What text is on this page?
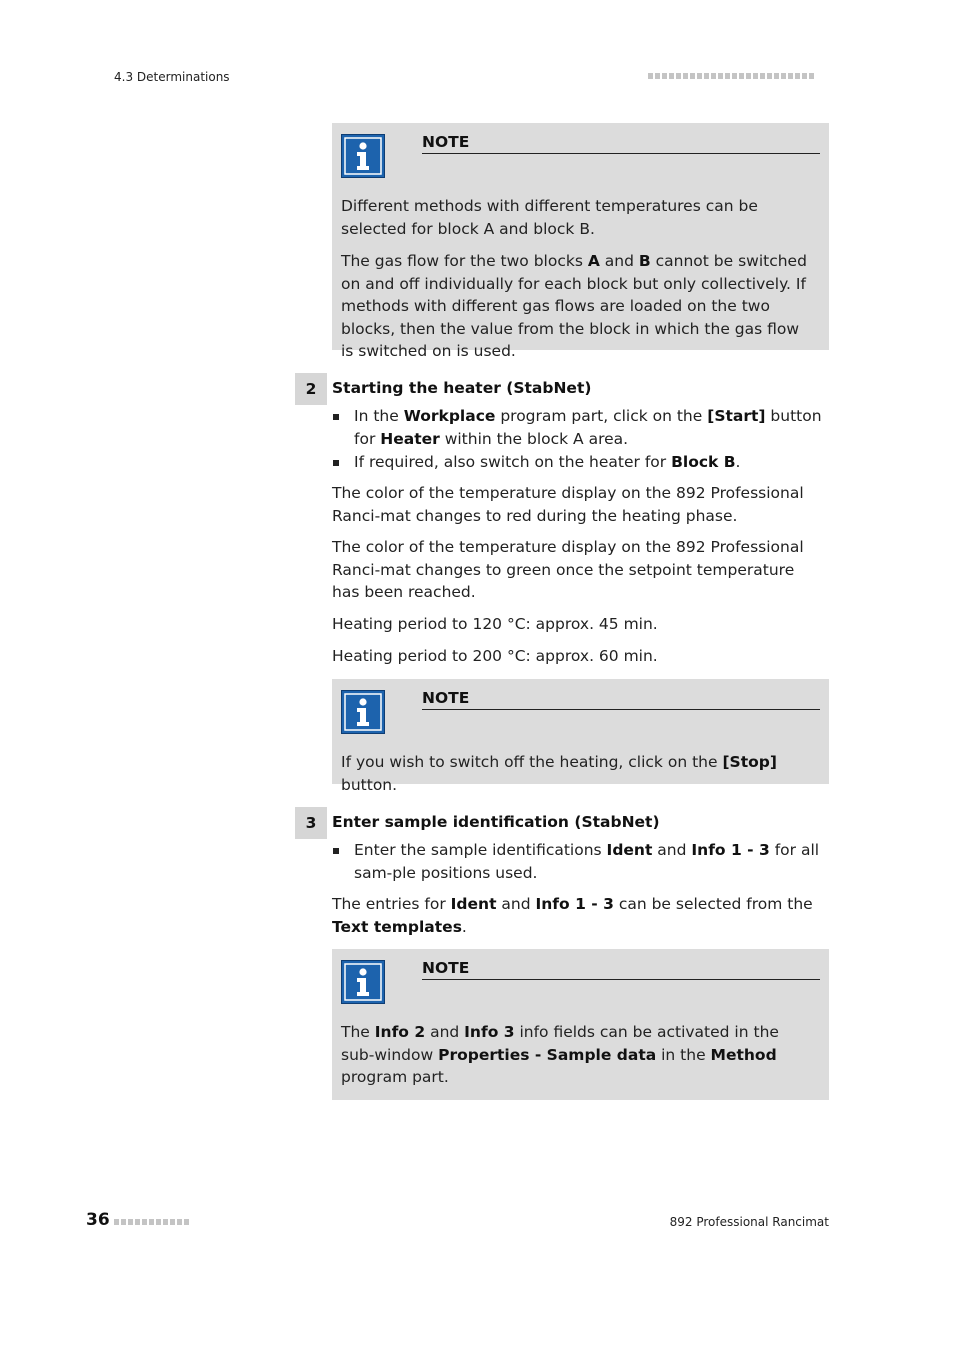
4.3 Determinations
NOTE

Different methods with different temperatures can be selected for block A and block B.

The gas flow for the two blocks A and B cannot be switched on and off individually for each block but only collectively. If methods with different gas flows are loaded on the two blocks, then the value from the block in which the gas flow is switched on is used.

2	Starting the heater (StabNet)
In the Workplace program part, click on the [Start] button for Heater within the block A area.
If required, also switch on the heater for Block B.

The color of the temperature display on the 892 Professional Ranci-mat changes to red during the heating phase.

The color of the temperature display on the 892 Professional Ranci-mat changes to green once the setpoint temperature has been reached.

Heating period to 120 °C: approx. 45 min.

Heating period to 200 °C: approx. 60 min.

NOTE

If you wish to switch off the heating, click on the [Stop] button.

3	Enter sample identification (StabNet)
Enter the sample identifications Ident and Info 1 - 3 for all sam-ple positions used.

The entries for Ident and Info 1 - 3 can be selected from the Text templates.

NOTE

The Info 2 and Info 3 info fields can be activated in the sub-window Properties - Sample data in the Method program part.

36	892 Professional Rancimat
